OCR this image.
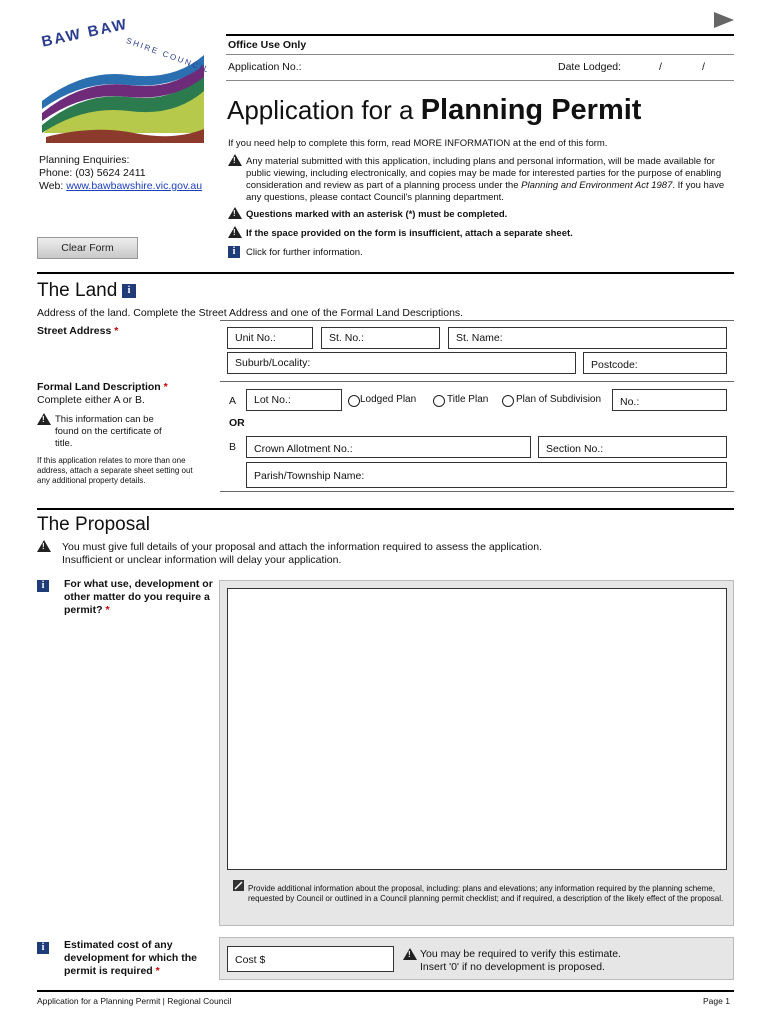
BAW BAW
SHIRE COUNCIL Office Use Only
Application No.:	Date Lodged:	/	/
Application for a Planning Permit
Planning Enquiries:
Phone: (03) 5624 2411
Web: www.bawbawshire.vic.gov.au
If you need help to complete this form, read MORE INFORMATION at the end of this form.
!
Any material submitted with this application, including plans and personal information, will be made available for public viewing, including electronically, and copies may be made for interested parties for the purpose of enabling consideration and review as part of a planning process under the Planning and Environment Act 1987. If you have any questions, please contact Council's planning department.
!
Questions marked with an asterisk (*) must be completed.
!
If the space provided on the form is insufficient, attach a separate sheet.
i	Click for further information.
Clear Form
The Land	i
Address of the land. Complete the Street Address and one of the Formal Land Descriptions.
Street Address *
Unit No.:	St. No.:	St. Name:
Suburb/Locality:	Postcode:
Formal Land Description *
Complete either A or B.
!
This information can be found on the certificate of title.
If this application relates to more than one address, attach a separate sheet setting out any additional property details.
A	Lot No.:	Lodged Plan	Title Plan	Plan of Subdivision	No.:
OR
B	Crown Allotment No.:	Section No.:
Parish/Township Name:
The Proposal
!
You must give full details of your proposal and attach the information required to assess the application.
Insufficient or unclear information will delay your application.
i	For what use, development or other matter do you require a permit? *
Provide additional information about the proposal, including: plans and elevations; any information required by the planning scheme, requested by Council or outlined in a Council planning permit checklist; and if required, a description of the likely effect of the proposal.
i	Estimated cost of any development for which the permit is required *
Cost $
!	You may be required to verify this estimate.
Insert '0' if no development is proposed.
Application for a Planning Permit | Regional Council	Page 1
